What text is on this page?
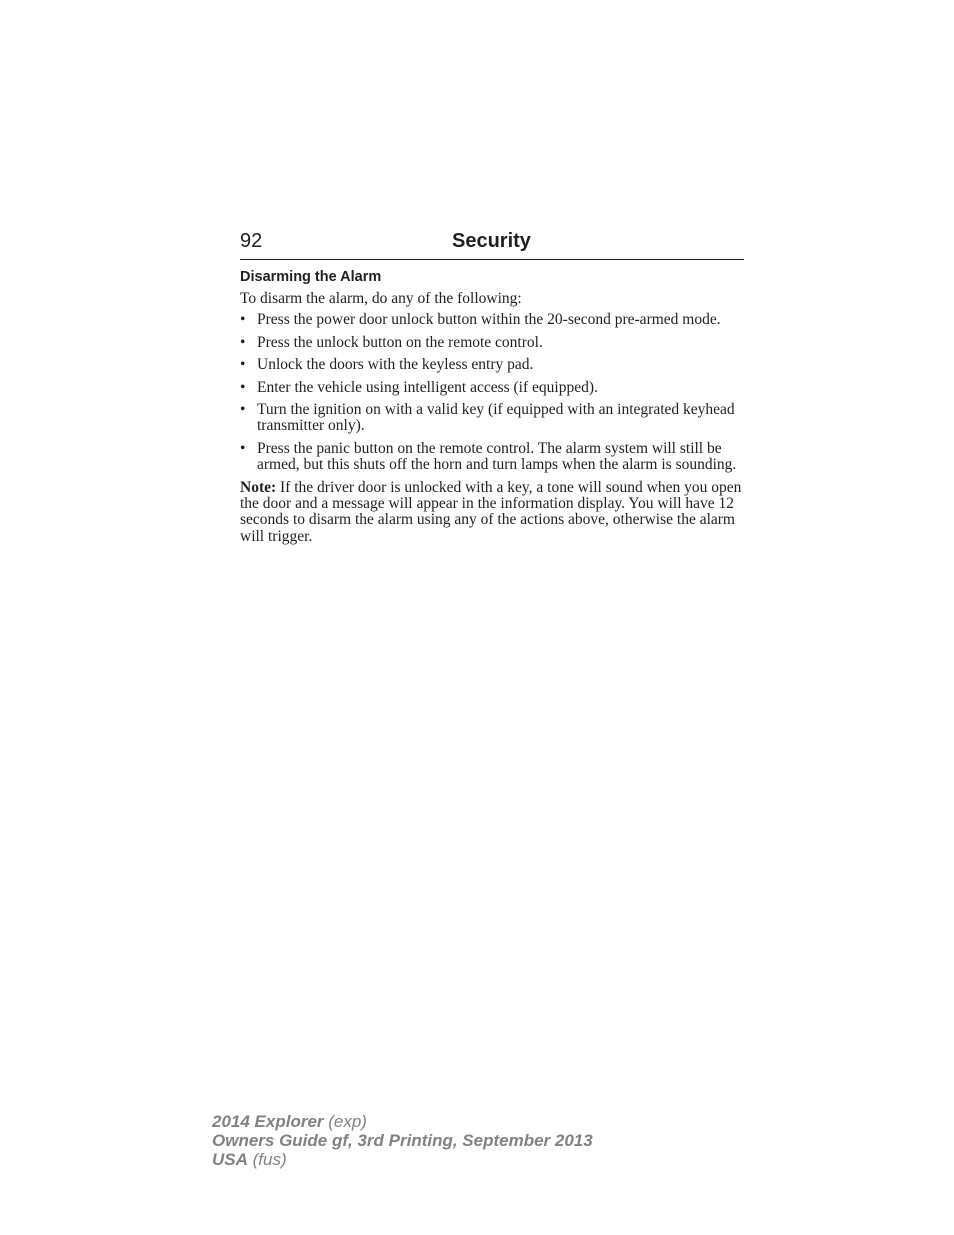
92	Security
Disarming the Alarm

To disarm the alarm, do any of the following:

• Press the power door unlock button within the 20-second pre-armed mode.
• Press the unlock button on the remote control.
• Unlock the doors with the keyless entry pad.
• Enter the vehicle using intelligent access (if equipped).
• Turn the ignition on with a valid key (if equipped with an integrated keyhead transmitter only).
• Press the panic button on the remote control. The alarm system will still be armed, but this shuts off the horn and turn lamps when the alarm is sounding.

Note: If the driver door is unlocked with a key, a tone will sound when you open the door and a message will appear in the information display. You will have 12 seconds to disarm the alarm using any of the actions above, otherwise the alarm will trigger.

2014 Explorer (exp)
Owners Guide gf, 3rd Printing, September 2013
USA (fus)
